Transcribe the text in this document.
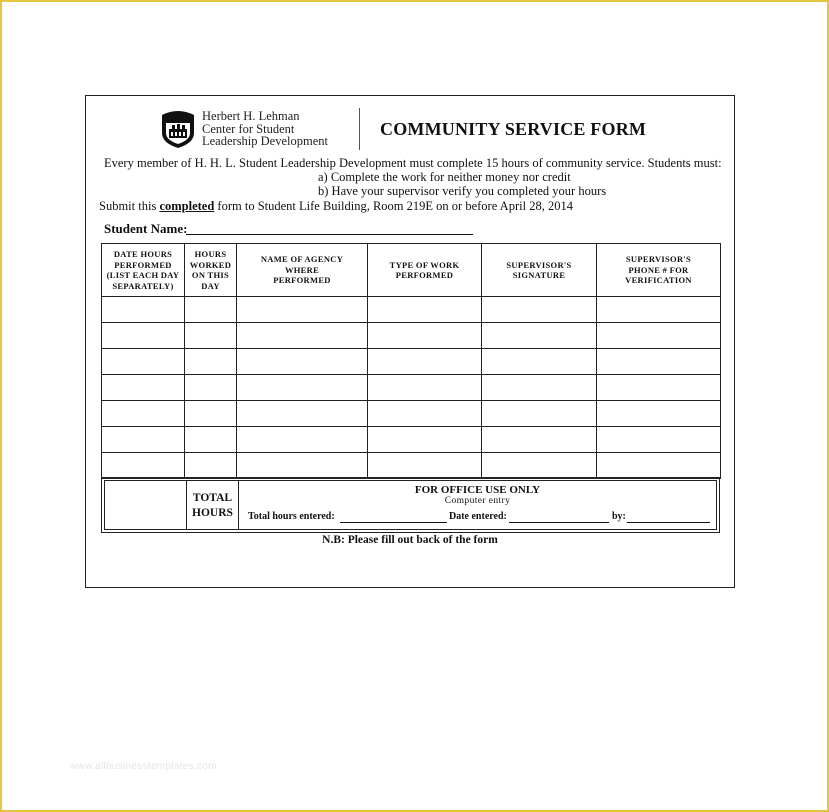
Herbert H. Lehman
Center for Student
Leadership Development
COMMUNITY SERVICE FORM
Every member of H. H. L. Student Leadership Development must complete 15 hours of community service. Students must:
a) Complete the work for neither money nor credit
b) Have your supervisor verify you completed your hours
Submit this completed form to Student Life Building, Room 219E on or before April 28, 2014
Student Name:
DATE HOURS
PERFORMED
(LIST EACH DAY
SEPARATELY)	HOURS
WORKED
ON THIS
DAY	NAME OF AGENCY
WHERE
PERFORMED	TYPE OF WORK
PERFORMED	SUPERVISOR'S
SIGNATURE	SUPERVISOR'S
PHONE # FOR
VERIFICATION

TOTAL
HOURS
FOR OFFICE USE ONLY
Computer entry
Total hours entered:	Date entered:	by:
N.B: Please fill out back of the form
www.allbusinesstemplates.com
